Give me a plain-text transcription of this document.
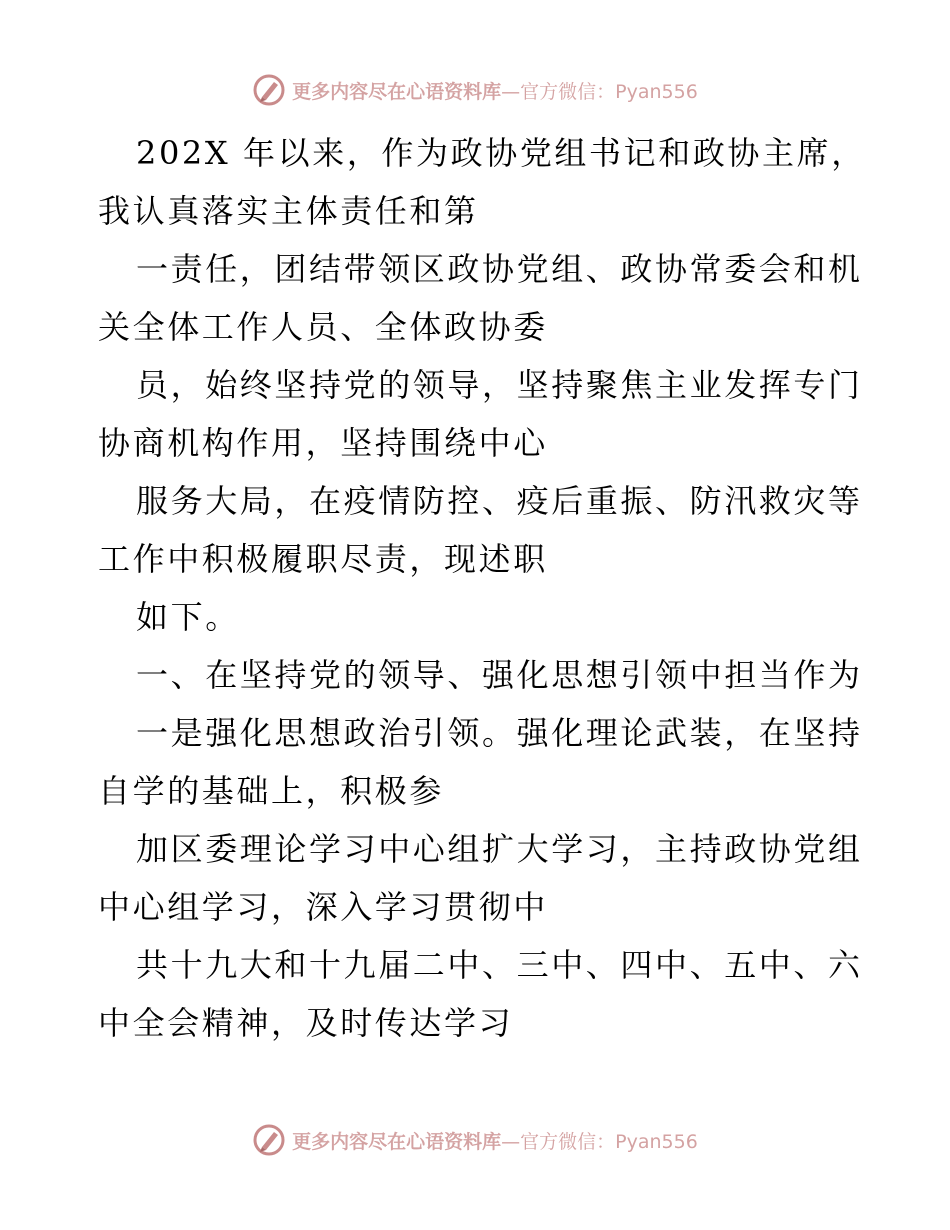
更多内容尽在心语资料库—官方微信：Pyan556
202X 年以来，作为政协党组书记和政协主席，
我认真落实主体责任和第
一责任，团结带领区政协党组、政协常委会和机
关全体工作人员、全体政协委
员，始终坚持党的领导，坚持聚焦主业发挥专门
协商机构作用，坚持围绕中心
服务大局，在疫情防控、疫后重振、防汛救灾等
工作中积极履职尽责，现述职
如下。
一、在坚持党的领导、强化思想引领中担当作为
一是强化思想政治引领。强化理论武装，在坚持
自学的基础上，积极参
加区委理论学习中心组扩大学习，主持政协党组
中心组学习，深入学习贯彻中
共十九大和十九届二中、三中、四中、五中、六
中全会精神，及时传达学习
更多内容尽在心语资料库—官方微信：Pyan556
